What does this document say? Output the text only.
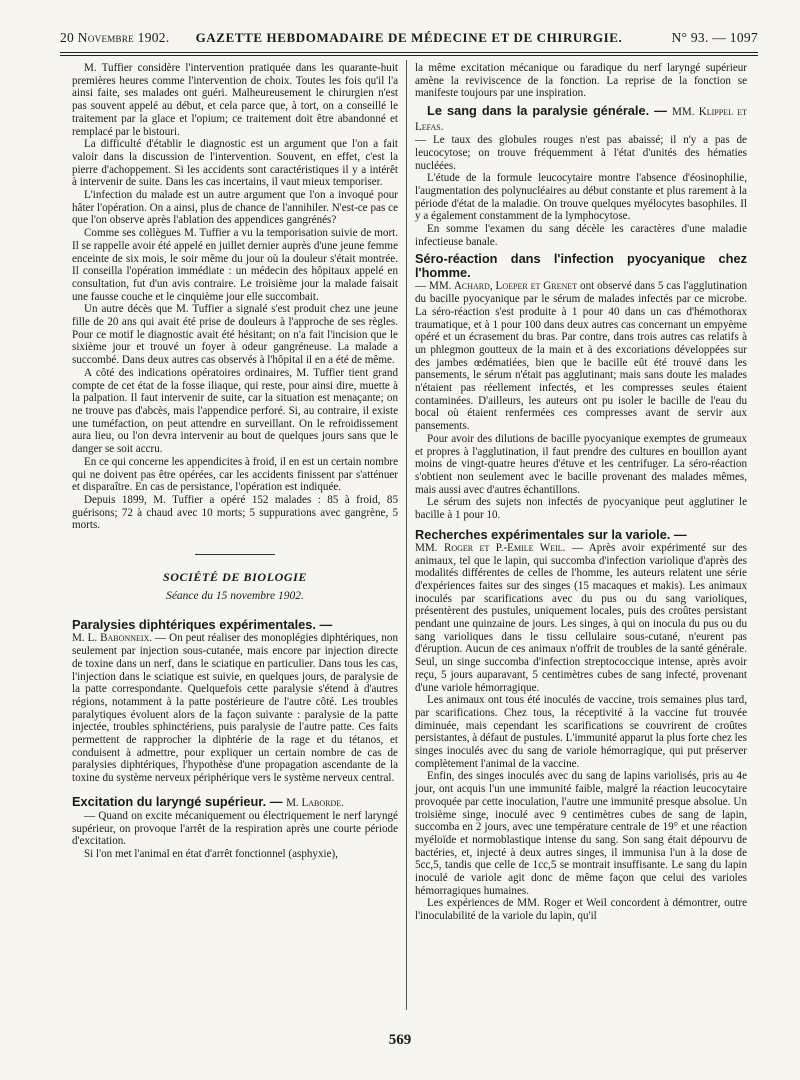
20 Novembre 1902.	GAZETTE HEBDOMADAIRE DE MÉDECINE ET DE CHIRURGIE.	N° 93. — 1097

M. Tuffier considère l'intervention pratiquée dans les quarante-huit premières heures comme l'intervention de choix. Toutes les fois qu'il l'a ainsi faite, ses malades ont guéri. Malheureusement le chirurgien n'est pas souvent appelé au début, et cela parce que, à tort, on a conseillé le traitement par la glace et l'opium; ce traitement doit être abandonné et remplacé par le bistouri.

La difficulté d'établir le diagnostic est un argument que l'on a fait valoir dans la discussion de l'intervention. Souvent, en effet, c'est la pierre d'achoppement. Si les accidents sont caractéristiques il y a intérêt à intervenir de suite. Dans les cas incertains, il vaut mieux temporiser.

L'infection du malade est un autre argument que l'on a invoqué pour hâter l'opération. On a ainsi, plus de chance de l'annihiler. N'est-ce pas ce que l'on observe après l'ablation des appendices gangrénés?

Comme ses collègues M. Tuffier a vu la temporisation suivie de mort. Il se rappelle avoir été appelé en juillet dernier auprès d'une jeune femme enceinte de six mois, le soir même du jour où la douleur s'était montrée. Il conseilla l'opération immédiate : un médecin des hôpitaux appelé en consultation, fut d'un avis contraire. Le troisième jour la malade faisait une fausse couche et le cinquième jour elle succombait.

Un autre décès que M. Tuffier a signalé s'est produit chez une jeune fille de 20 ans qui avait été prise de douleurs à l'approche de ses règles. Pour ce motif le diagnostic avait été hésitant; on n'a fait l'incision que le sixième jour et trouvé un foyer à odeur gangréneuse. La malade a succombé. Dans deux autres cas observés à l'hôpital il en a été de même.

A côté des indications opératoires ordinaires, M. Tuffier tient grand compte de cet état de la fosse iliaque, qui reste, pour ainsi dire, muette à la palpation. Il faut intervenir de suite, car la situation est menaçante; on ne trouve pas d'abcès, mais l'appendice perforé. Si, au contraire, il existe une tuméfaction, on peut attendre en surveillant. On le refroidissement aura lieu, ou l'on devra intervenir au bout de quelques jours sans que le danger se soit accru.

En ce qui concerne les appendicites à froid, il en est un certain nombre qui ne doivent pas être opérées, car les accidents finissent par s'atténuer et disparaître. En cas de persistance, l'opération est indiquée.

Depuis 1899, M. Tuffier a opéré 152 malades : 85 à froid, 85 guérisons; 72 à chaud avec 10 morts; 5 suppurations avec gangrène, 5 morts.

SOCIÉTÉ DE BIOLOGIE

Séance du 15 novembre 1902.

Paralysies diphtériques expérimentales. —

M. L. Babonneix. — On peut réaliser des monoplégies diphtériques, non seulement par injection sous-cutanée, mais encore par injection directe de toxine dans un nerf, dans le sciatique en particulier. Dans tous les cas, l'injection dans le sciatique est suivie, en quelques jours, de paralysie de la patte correspondante. Quelquefois cette paralysie s'étend à d'autres régions, notamment à la patte postérieure de l'autre côté. Les troubles paralytiques évoluent alors de la façon suivante : paralysie de la patte injectée, troubles sphinctériens, puis paralysie de l'autre patte. Ces faits permettent de rapprocher la diphtérie de la rage et du tétanos, et conduisent à admettre, pour expliquer un certain nombre de cas de paralysies diphtériques, l'hypothèse d'une propagation ascendante de la toxine du système nerveux périphérique vers le système nerveux central.

Excitation du laryngé supérieur. — M. Laborde.

— Quand on excite mécaniquement ou électriquement le nerf laryngé supérieur, on provoque l'arrêt de la respiration après une courte période d'excitation.

Si l'on met l'animal en état d'arrêt fonctionnel (asphyxie),

la même excitation mécanique ou faradique du nerf laryngé supérieur amène la reviviscence de la fonction. La reprise de la fonction se manifeste toujours par une inspiration.

Le sang dans la paralysie générale. — MM. Klippel et Lefas.

— Le taux des globules rouges n'est pas abaissé; il n'y a pas de leucocytose; on trouve fréquemment à l'état d'unités des hématies nucléées.

L'étude de la formule leucocytaire montre l'absence d'éosinophilie, l'augmentation des polynucléaires au début constante et plus rarement à la période d'état de la maladie. On trouve quelques myélocytes basophiles. Il y a également constamment de la lymphocytose.

En somme l'examen du sang décèle les caractères d'une maladie infectieuse banale.

Séro-réaction dans l'infection pyocyanique chez l'homme.

— MM. Achard, Loeper et Grenet ont observé dans 5 cas l'agglutination du bacille pyocyanique par le sérum de malades infectés par ce microbe. La séro-réaction s'est produite à 1 pour 40 dans un cas d'hémothorax traumatique, et à 1 pour 100 dans deux autres cas concernant un empyème opéré et un écrasement du bras. Par contre, dans trois autres cas relatifs à un phlegmon goutteux de la main et à des excoriations développées sur des jambes œdématiées, bien que le bacille eût été trouvé dans les pansements, le sérum n'était pas agglutinant; mais sans doute les malades n'étaient pas réellement infectés, et les compresses seules étaient contaminées. D'ailleurs, les auteurs ont pu isoler le bacille de l'eau du bocal où étaient renfermées ces compresses avant de servir aux pansements.

Pour avoir des dilutions de bacille pyocyanique exemptes de grumeaux et propres à l'agglutination, il faut prendre des cultures en bouillon ayant moins de vingt-quatre heures d'étuve et les centrifuger. La séro-réaction s'obtient non seulement avec le bacille provenant des malades mêmes, mais aussi avec d'autres échantillons.

Le sérum des sujets non infectés de pyocyanique peut agglutiner le bacille à 1 pour 10.

Recherches expérimentales sur la variole. —

MM. Roger et P.-Emile Weil. — Après avoir expérimenté sur des animaux, tel que le lapin, qui succomba d'infection variolique d'après des modalités différentes de celles de l'homme, les auteurs relatent une série d'expériences faites sur des singes (15 macaques et makis). Les animaux inoculés par scarifications avec du pus ou du sang varioliques, présentèrent des pustules, uniquement locales, puis des croûtes persistant pendant une quinzaine de jours. Les singes, à qui on inocula du pus ou du sang varioliques dans le tissu cellulaire sous-cutané, n'eurent pas d'éruption. Aucun de ces animaux n'offrit de troubles de la santé générale. Seul, un singe succomba d'infection streptococcique intense, après avoir reçu, 5 jours auparavant, 5 centimètres cubes de sang infecté, provenant d'une variole hémorragique.

Les animaux ont tous été inoculés de vaccine, trois semaines plus tard, par scarifications. Chez tous, la réceptivité à la vaccine fut trouvée diminuée, mais cependant les scarifications se couvrirent de croûtes persistantes, à défaut de pustules. L'immunité apparut la plus forte chez les singes inoculés avec du sang de variole hémorragique, qui put préserver complètement l'animal de la vaccine.

Enfin, des singes inoculés avec du sang de lapins variolisés, pris au 4e jour, ont acquis l'un une immunité faible, malgré la réaction leucocytaire provoquée par cette inoculation, l'autre une immunité presque absolue. Un troisième singe, inoculé avec 9 centimètres cubes de sang de lapin, succomba en 2 jours, avec une température centrale de 19° et une réaction myéloïde et normoblastique intense du sang. Son sang était dépourvu de bactéries, et, injecté à deux autres singes, il immunisa l'un à la dose de 5cc,5, tandis que celle de 1cc,5 se montrait insuffisante. Le sang du lapin inoculé de variole agit donc de même façon que celui des varioles hémorragiques humaines.

Les expériences de MM. Roger et Weil concordent à démontrer, outre l'inoculabilité de la variole du lapin, qu'il

569
